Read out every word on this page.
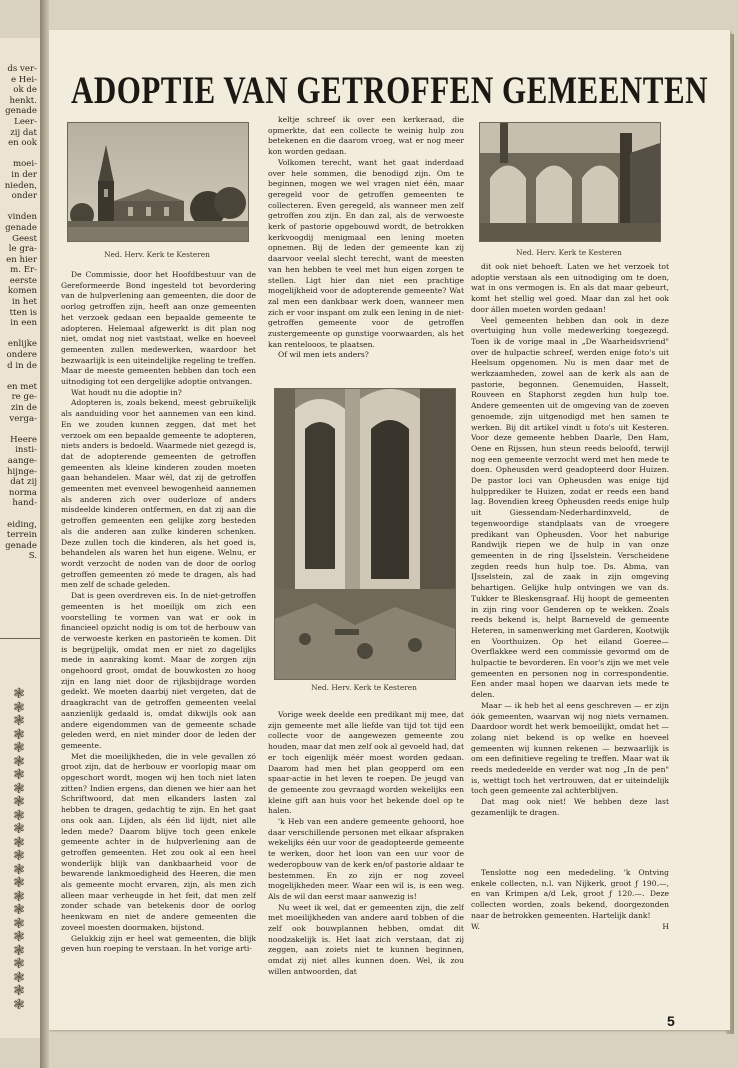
ds ver-
e Hei-
ok de
henkt.
genade
Leer-
zij dat
en ook
moei-
in der
nieden,
onder
vinden
genade
Geest
le gra-
en hier
m. Er-
eerste
komen
in het
tten is
in een
enlijke
ondere
d in de
en met
re ge-
zin de
verga-
Heere
insti-
aange-
hijnge-
dat zij
norma
hand-
eiding,
terrein
genade
S.
❃
❃
❃
❃
❃
❃
❃
❃
❃
❃
❃
❃
❃
❃
❃
❃
❃
❃
❃
❃
❃
❃
❃
❃
ADOPTIE VAN GETROFFEN GEMEENTEN
Ned. Herv. Kerk te Kesteren

De Commissie, door het Hoofdbestuur van de Gereformeerde Bond ingesteld tot bevordering van de hulpverlening aan gemeenten, die door de oorlog getroffen zijn, heeft aan onze gemeenten het verzoek gedaan een bepaalde gemeente te adopteren. Helemaal afgewerkt is dit plan nog niet, omdat nog niet vaststaat, welke en hoeveel gemeenten zullen medewerken, waardoor het bezwaarlijk is een uiteindelijke regeling te treffen. Maar de meeste gemeenten hebben dan toch een uitnodiging tot een dergelijke adoptie ontvangen.

Wat houdt nu die adoptie in?

Adopteren is, zoals bekend, meest gebruikelijk als aanduiding voor het aannemen van een kind. En we zouden kunnen zeggen, dat met het verzoek om een bepaalde gemeente te adopteren, niets anders is bedoeld. Waarmede niet gezegd is, dat de adopterende gemeenten de getroffen gemeenten als kleine kinderen zouden moeten gaan behandelen. Maar wèl, dat zij de getroffen gemeenten met evenveel bewogenheid aannemen als anderen zich over ouderloze of anders misdeelde kinderen ontfermen, en dat zij aan die getroffen gemeenten een gelijke zorg besteden als die anderen aan zulke kinderen schenken. Deze zullen toch die kinderen, als het goed is, behandelen als waren het hun eigene. Welnu, er wordt verzocht de noden van de door de oorlog getroffen gemeenten zó mede te dragen, als had men zelf de schade geleden.

Dat is geen overdreven eis. In de niet-getroffen gemeenten is het moeilijk om zich een voorstelling te vormen van wat er ook in financieel opzicht nodig is om tot de herbouw van de verwoeste kerken en pastorieën te komen. Dit is begrijpelijk, omdat men er niet zo dagelijks mede in aanraking komt. Maar de zorgen zijn ongehoord groot, omdat de bouwkosten zo hoog zijn en lang niet door de rijksbijdrage worden gedekt. We moeten daarbij niet vergeten, dat de draagkracht van de getroffen gemeenten veelal aanzienlijk gedaald is, omdat dikwijls ook aan andere eigendommen van de gemeente schade geleden werd, en niet minder door de leden der gemeente.

Met die moeilijkheden, die in vele gevallen zó groot zijn, dat de herbouw er voorlopig maar om opgeschort wordt, mogen wij hen toch niet laten zitten? Indien ergens, dan dienen we hier aan het Schriftwoord, dat men elkanders lasten zal hebben te dragen, gedachtig te zijn. En het gaat ons ook aan. Lijden, als één lid lijdt, niet alle leden mede? Daarom blijve toch geen enkele gemeente achter in de hulpverlening aan de getroffen gemeenten. Het zou ook al een heel wonderlijk blijk van dankbaarheid voor de bewarende lankmoedigheid des Heeren, die men als gemeente mocht ervaren, zijn, als men zich alleen maar verheugde in het feit, dat men zelf zonder schade van betekenis door de oorlog heenkwam en niet de andere gemeenten die zoveel moesten doormaken, bijstond.

Gelukkig zijn er heel wat gemeenten, die blijk geven hun roeping te verstaan. In het vorige arti-

keltje schreef ik over een kerkeraad, die opmerkte, dat een collecte te weinig hulp zou betekenen en die daarom vroeg, wat er nog meer kon worden gedaan.

Volkomen terecht, want het gaat inderdaad over hele sommen, die benodigd zijn. Om te beginnen, mogen we wel vragen niet één, maar geregeld voor de getroffen gemeenten te collecteren. Even geregeld, als wanneer men zelf getroffen zou zijn. En dan zal, als de verwoeste kerk of pastorie opgebouwd wordt, de betrokken kerkvoogdij menigmaal een lening moeten opnemen. Bij de leden der gemeente kan zij daarvoor veelal slecht terecht, want de meesten van hen hebben te veel met hun eigen zorgen te stellen. Ligt hier dan niet een prachtige mogelijkheid voor de adopterende gemeente? Wat zal men een dankbaar werk doen, wanneer men zich er voor inspant om zulk een lening in de niet-getroffen gemeente voor de getroffen zustergemeente op gunstige voorwaarden, als het kan rentelooos, te plaatsen.

Of wil men iets anders?

Ned. Herv. Kerk te Kesteren

Vorige week deelde een predikant mij mee, dat zijn gemeente met alle liefde van tijd tot tijd een collecte voor de aangewezen gemeente zou houden, maar dat men zelf ook al gevoeld had, dat er toch eigenlijk méér moest worden gedaan. Daarom had men het plan geopperd om een spaar-actie in het leven te roepen. De jeugd van de gemeente zou gevraagd worden wekelijks een kleine gift aan huis voor het bekende doel op te halen.

'k Heb van een andere gemeente gehoord, hoe daar verschillende personen met elkaar afspraken wekelijks één uur voor de geadopteerde gemeente te werken, door het loon van een uur voor de wederopbouw van de kerk en/of pastorie aldaar te bestemmen. En zo zijn er nog zoveel mogelijkheden meer. Waar een wil is, is een weg. Als de wil dan eerst maar aanwezig is!

Nu weet ik wel, dat er gemeenten zijn, die zelf met moeilijkheden van andere aard tobben of die zelf ook bouwplannen hebben, omdat dit noodzakelijk is. Het laat zich verstaan, dat zij zeggen, aan zoiets niet te kunnen beginnen, omdat zij niet alles kunnen doen. Wel, ik zou willen antwoorden, dat

Ned. Herv. Kerk te Kesteren

dit ook niet behoeft. Laten we het verzoek tot adoptie verstaan als een uitnodiging om te doen, wat in ons vermogen is. En als dat maar gebeurt, komt het stellig wel goed. Maar dan zal het ook door állen moeten worden gedaan!

Veel gemeenten hebben dan ook in deze overtuiging hun volle medewerking toegezegd. Toen ik de vorige maal in „De Waarheidsvriend" over de hulpactie schreef, werden enige foto's uit Heelsum opgenomen. Nu is men daar met de werkzaamheden, zowel aan de kerk als aan de pastorie, begonnen. Genemuiden, Hasselt, Rouveen en Staphorst zegden hun hulp toe. Andere gemeenten uit de omgeving van de zoeven genoemde, zijn uitgenodigd met hen samen te werken. Bij dit artikel vindt u foto's uit Kesteren. Voor deze gemeente hebben Daarle, Den Ham, Oene en Rijssen, hun steun reeds beloofd, terwijl nog een gemeente verzocht werd met hen mede te doen. Opheusden werd geadopteerd door Huizen. De pastor loci van Opheusden was enige tijd hulpprediker te Huizen, zodat er reeds een band lag. Bovendien kreeg Opheusden reeds enige hulp uit Giessendam-Nederhardinxveld, de tegenwoordige standplaats van de vroegere predikant van Opheusden. Voor het naburige Randwijk riepen we de hulp in van onze gemeenten in de ring IJsselstein. Verscheidene zegden reeds hun hulp toe. Ds. Abma, van IJsselstein, zal de zaak in zijn omgeving behartigen. Gelijke hulp ontvingen we van ds. Tukker te Bleskensgraaf. Hij hoopt de gemeenten in zijn ring voor Genderen op te wekken. Zoals reeds bekend is, helpt Barneveld de gemeente Heteren, in samenwerking met Garderen, Kootwijk en Voorthuizen. Op het eiland Goeree—Overflakkee werd een commissie gevormd om de hulpactie te bevorderen. En voor's zijn we met vele gemeenten en personen nog in correspondentie. Een ander maal hopen we daarvan iets mede te delen.

Maar — ik heb het al eens geschreven — er zijn óók gemeenten, waarvan wij nog niets vernamen. Daardoor wordt het werk bemoeilijkt, omdat het — zolang niet bekend is op welke en hoeveel gemeenten wij kunnen rekenen — bezwaarlijk is om een definitieve regeling te treffen. Maar wat ik reeds mededeelde en verder wat nog „In de pen" is, wettigt toch het vertrouwen, dat er uiteindelijk toch geen gemeente zal achterblijven.

Dat mag ook niet! We hebben deze last gezamenlijk te dragen.

Tenslotte nog een mededeling. 'k Ontving enkele collecten, n.l. van Nijkerk, groot ƒ 190.—, en van Krimpen a/d Lek, groot ƒ 120.—. Deze collecten worden, zoals bekend, doorgezonden naar de betrokken gemeenten. Hartelijk dank!

W.	H
5
